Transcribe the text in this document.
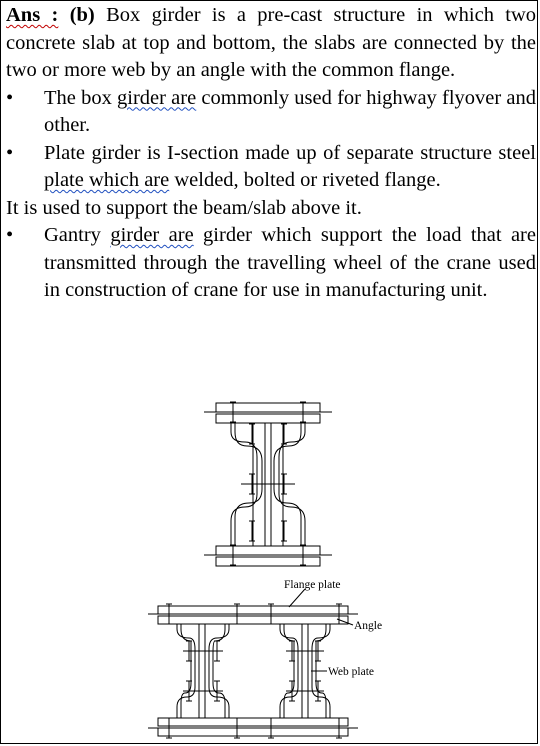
Ans : (b) Box girder is a pre-cast structure in which two concrete slab at top and bottom, the slabs are connected by the two or more web by an angle with the common flange.
•	The box girder are commonly used for highway flyover and other.
•	Plate girder is I-section made up of separate structure steel plate which are welded, bolted or riveted flange.
It is used to support the beam/slab above it.
•	Gantry girder are girder which support the load that are transmitted through the travelling wheel of the crane used in construction of crane for use in manufacturing unit.
Flange plate
Angle
Web plate
